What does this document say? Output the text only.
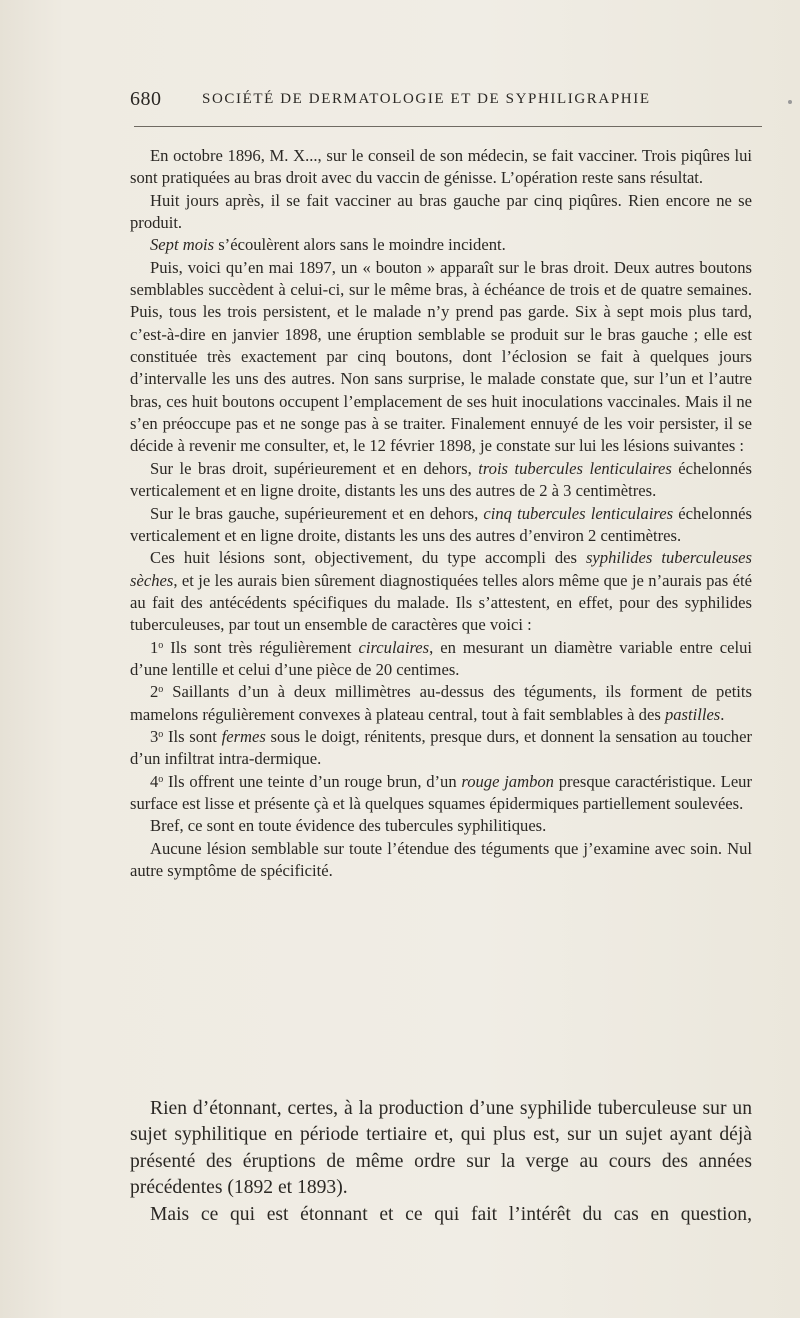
680	SOCIÉTÉ DE DERMATOLOGIE ET DE SYPHILIGRAPHIE

En octobre 1896, M. X..., sur le conseil de son médecin, se fait vacciner. Trois piqûres lui sont pratiquées au bras droit avec du vaccin de génisse. L’opération reste sans résultat.

Huit jours après, il se fait vacciner au bras gauche par cinq piqûres. Rien encore ne se produit.

Sept mois s’écoulèrent alors sans le moindre incident.

Puis, voici qu’en mai 1897, un « bouton » apparaît sur le bras droit. Deux autres boutons semblables succèdent à celui-ci, sur le même bras, à échéance de trois et de quatre semaines. Puis, tous les trois persistent, et le malade n’y prend pas garde. Six à sept mois plus tard, c’est-à-dire en janvier 1898, une éruption semblable se produit sur le bras gauche ; elle est constituée très exactement par cinq boutons, dont l’éclosion se fait à quelques jours d’intervalle les uns des autres. Non sans surprise, le malade constate que, sur l’un et l’autre bras, ces huit boutons occupent l’emplacement de ses huit inoculations vaccinales. Mais il ne s’en préoccupe pas et ne songe pas à se traiter. Finalement ennuyé de les voir persister, il se décide à revenir me consulter, et, le 12 février 1898, je constate sur lui les lésions suivantes :

Sur le bras droit, supérieurement et en dehors, trois tubercules lenticulaires échelonnés verticalement et en ligne droite, distants les uns des autres de 2 à 3 centimètres.

Sur le bras gauche, supérieurement et en dehors, cinq tubercules lenticulaires échelonnés verticalement et en ligne droite, distants les uns des autres d’environ 2 centimètres.

Ces huit lésions sont, objectivement, du type accompli des syphilides tuberculeuses sèches, et je les aurais bien sûrement diagnostiquées telles alors même que je n’aurais pas été au fait des antécédents spécifiques du malade. Ils s’attestent, en effet, pour des syphilides tuberculeuses, par tout un ensemble de caractères que voici :

1$^o$ Ils sont très régulièrement circulaires, en mesurant un diamètre variable entre celui d’une lentille et celui d’une pièce de 20 centimes.

2$^o$ Saillants d’un à deux millimètres au-dessus des téguments, ils forment de petits mamelons régulièrement convexes à plateau central, tout à fait semblables à des pastilles.

3$^o$ Ils sont fermes sous le doigt, rénitents, presque durs, et donnent la sensation au toucher d’un infiltrat intra-dermique.

4$^o$ Ils offrent une teinte d’un rouge brun, d’un rouge jambon presque caractéristique. Leur surface est lisse et présente çà et là quelques squames épidermiques partiellement soulevées.

Bref, ce sont en toute évidence des tubercules syphilitiques.

Aucune lésion semblable sur toute l’étendue des téguments que j’examine avec soin. Nul autre symptôme de spécificité.

Rien d’étonnant, certes, à la production d’une syphilide tuberculeuse sur un sujet syphilitique en période tertiaire et, qui plus est, sur un sujet ayant déjà présenté des éruptions de même ordre sur la verge au cours des années précédentes (1892 et 1893).

Mais ce qui est étonnant et ce qui fait l’intérêt du cas en question,
